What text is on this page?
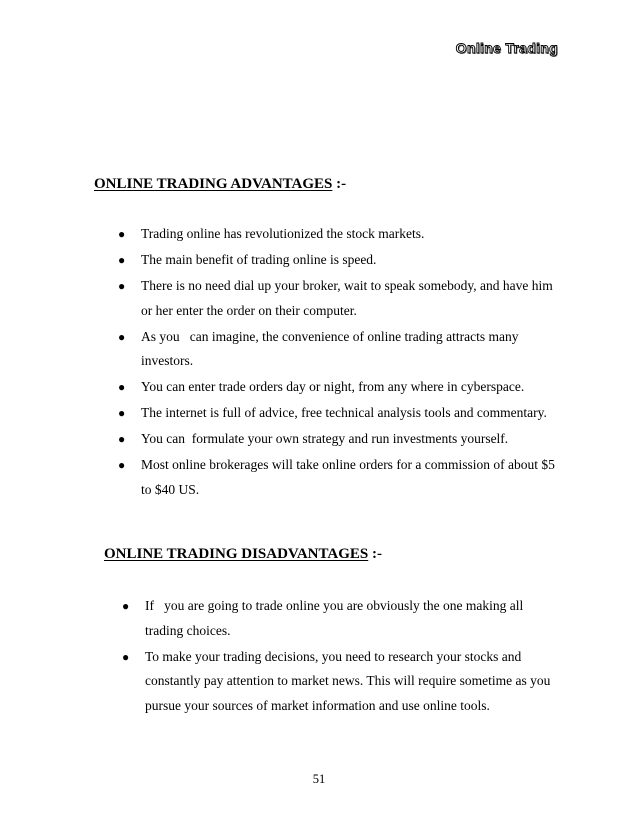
Online Trading
ONLINE TRADING ADVANTAGES :-
● Trading online has revolutionized the stock markets.
● The main benefit of trading online is speed.
● There is no need dial up your broker, wait to speak somebody, and have him
or her enter the order on their computer.
● As you   can imagine, the convenience of online trading attracts many
investors.
● You can enter trade orders day or night, from any where in cyberspace.
● The internet is full of advice, free technical analysis tools and commentary.
● You can  formulate your own strategy and run investments yourself.
● Most online brokerages will take online orders for a commission of about $5
to $40 US.
ONLINE TRADING DISADVANTAGES :-
● If   you are going to trade online you are obviously the one making all
trading choices.
● To make your trading decisions, you need to research your stocks and
constantly pay attention to market news. This will require sometime as you
pursue your sources of market information and use online tools.
51
